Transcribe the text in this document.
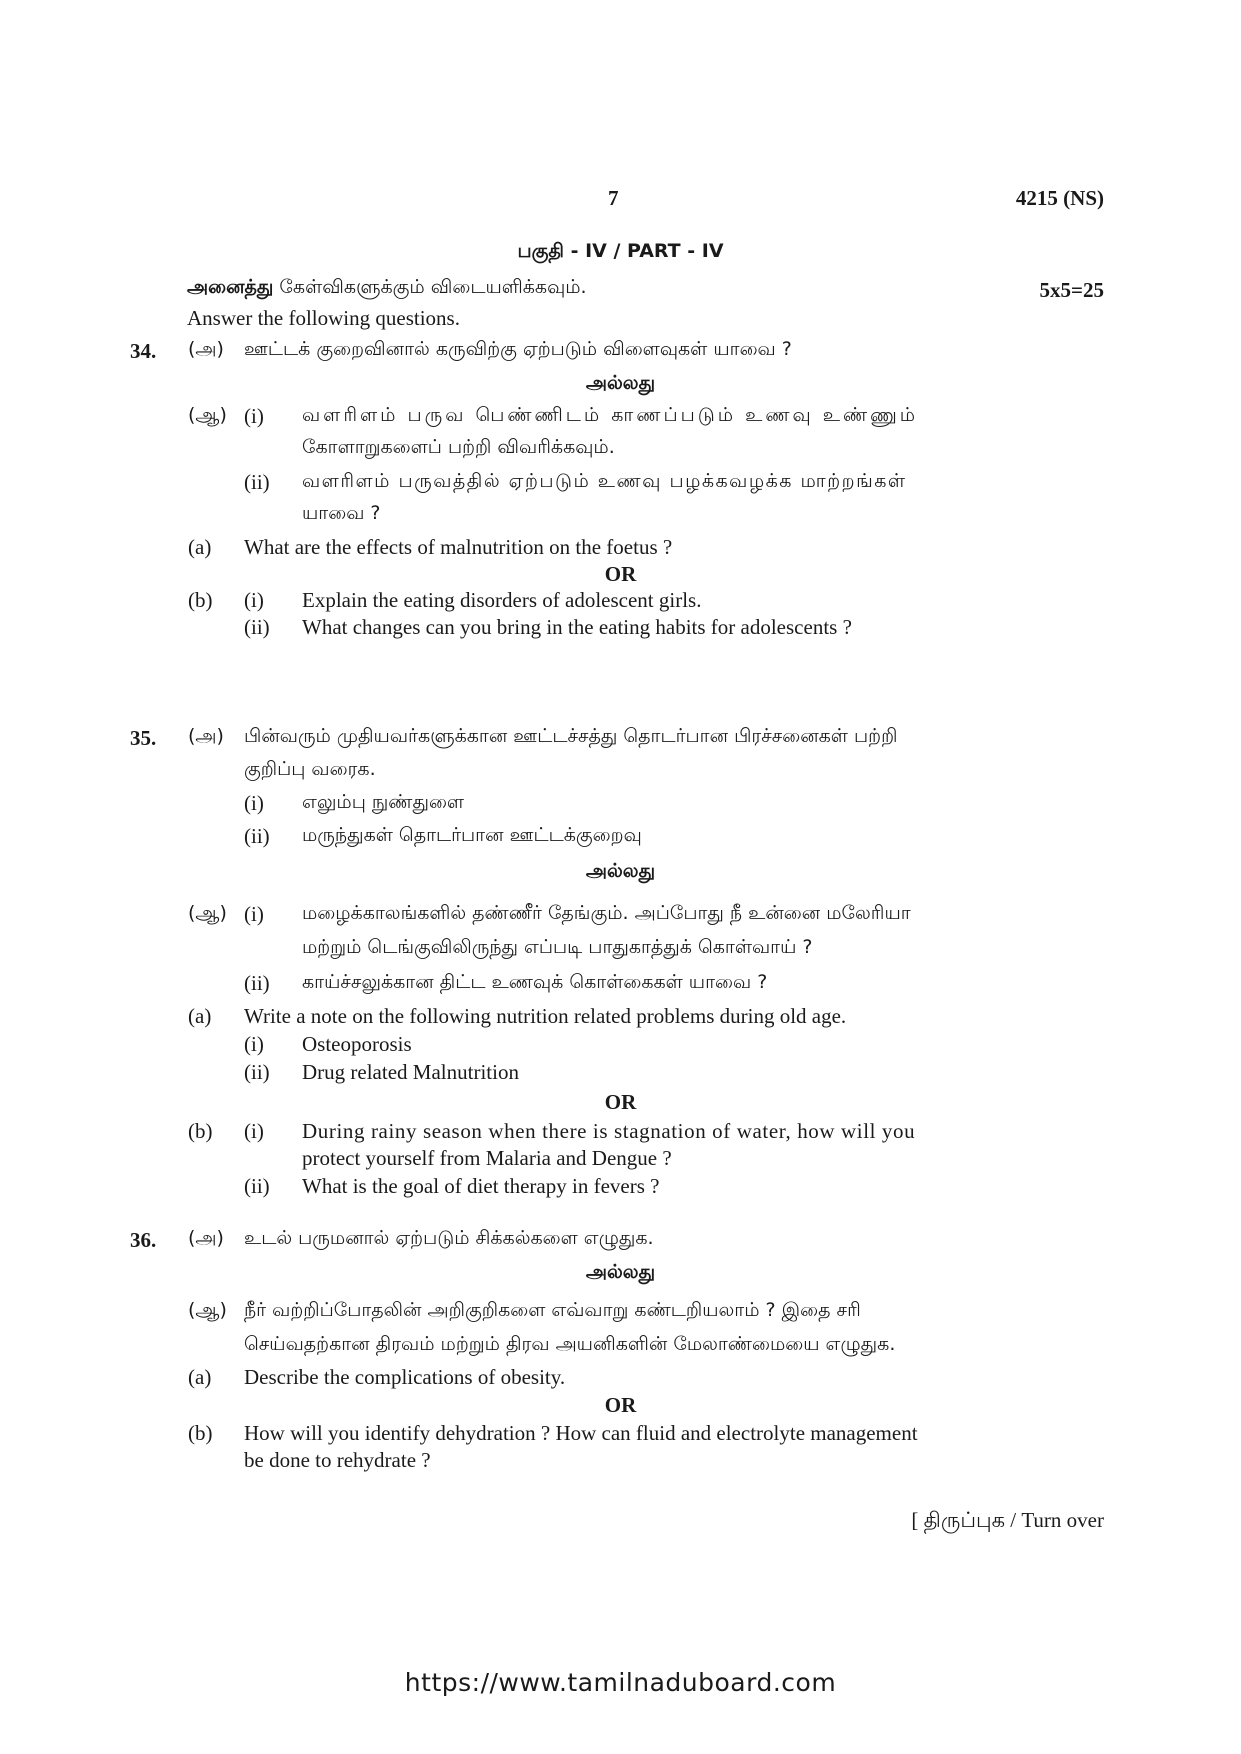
7	4215 (NS)
பகுதி - IV / PART - IV
அனைத்து கேள்விகளுக்கும் விடையளிக்கவும்.	5x5=25
Answer the following questions.
34. (அ) ஊட்டக் குறைவினால் கருவிற்கு ஏற்படும் விளைவுகள் யாவை ?
அல்லது
(ஆ) (i) வளரிளம் பருவ பெண்ணிடம் காணப்படும் உணவு உண்ணும்
கோளாறுகளைப் பற்றி விவரிக்கவும்.
(ii) வளரிளம் பருவத்தில் ஏற்படும் உணவு பழக்கவழக்க மாற்றங்கள்
யாவை ?
(a) What are the effects of malnutrition on the foetus ?
OR
(b) (i) Explain the eating disorders of adolescent girls.
(ii) What changes can you bring in the eating habits for adolescents ?
35. (அ) பின்வரும் முதியவர்களுக்கான ஊட்டச்சத்து தொடர்பான பிரச்சனைகள் பற்றி
குறிப்பு வரைக.
(i) எலும்பு நுண்துளை
(ii) மருந்துகள் தொடர்பான ஊட்டக்குறைவு
அல்லது
(ஆ) (i) மழைக்காலங்களில் தண்ணீர் தேங்கும். அப்போது நீ உன்னை மலேரியா
மற்றும் டெங்குவிலிருந்து எப்படி பாதுகாத்துக் கொள்வாய் ?
(ii) காய்ச்சலுக்கான திட்ட உணவுக் கொள்கைகள் யாவை ?
(a) Write a note on the following nutrition related problems during old age.
(i) Osteoporosis
(ii) Drug related Malnutrition
OR
(b) (i) During rainy season when there is stagnation of water, how will you
protect yourself from Malaria and Dengue ?
(ii) What is the goal of diet therapy in fevers ?
36. (அ) உடல் பருமனால் ஏற்படும் சிக்கல்களை எழுதுக.
அல்லது
(ஆ) நீர் வற்றிப்போதலின் அறிகுறிகளை எவ்வாறு கண்டறியலாம் ? இதை சரி
செய்வதற்கான திரவம் மற்றும் திரவ அயனிகளின் மேலாண்மையை எழுதுக.
(a) Describe the complications of obesity.
OR
(b) How will you identify dehydration ? How can fluid and electrolyte management
be done to rehydrate ?
[ திருப்புக / Turn over
https://www.tamilnaduboard.com
